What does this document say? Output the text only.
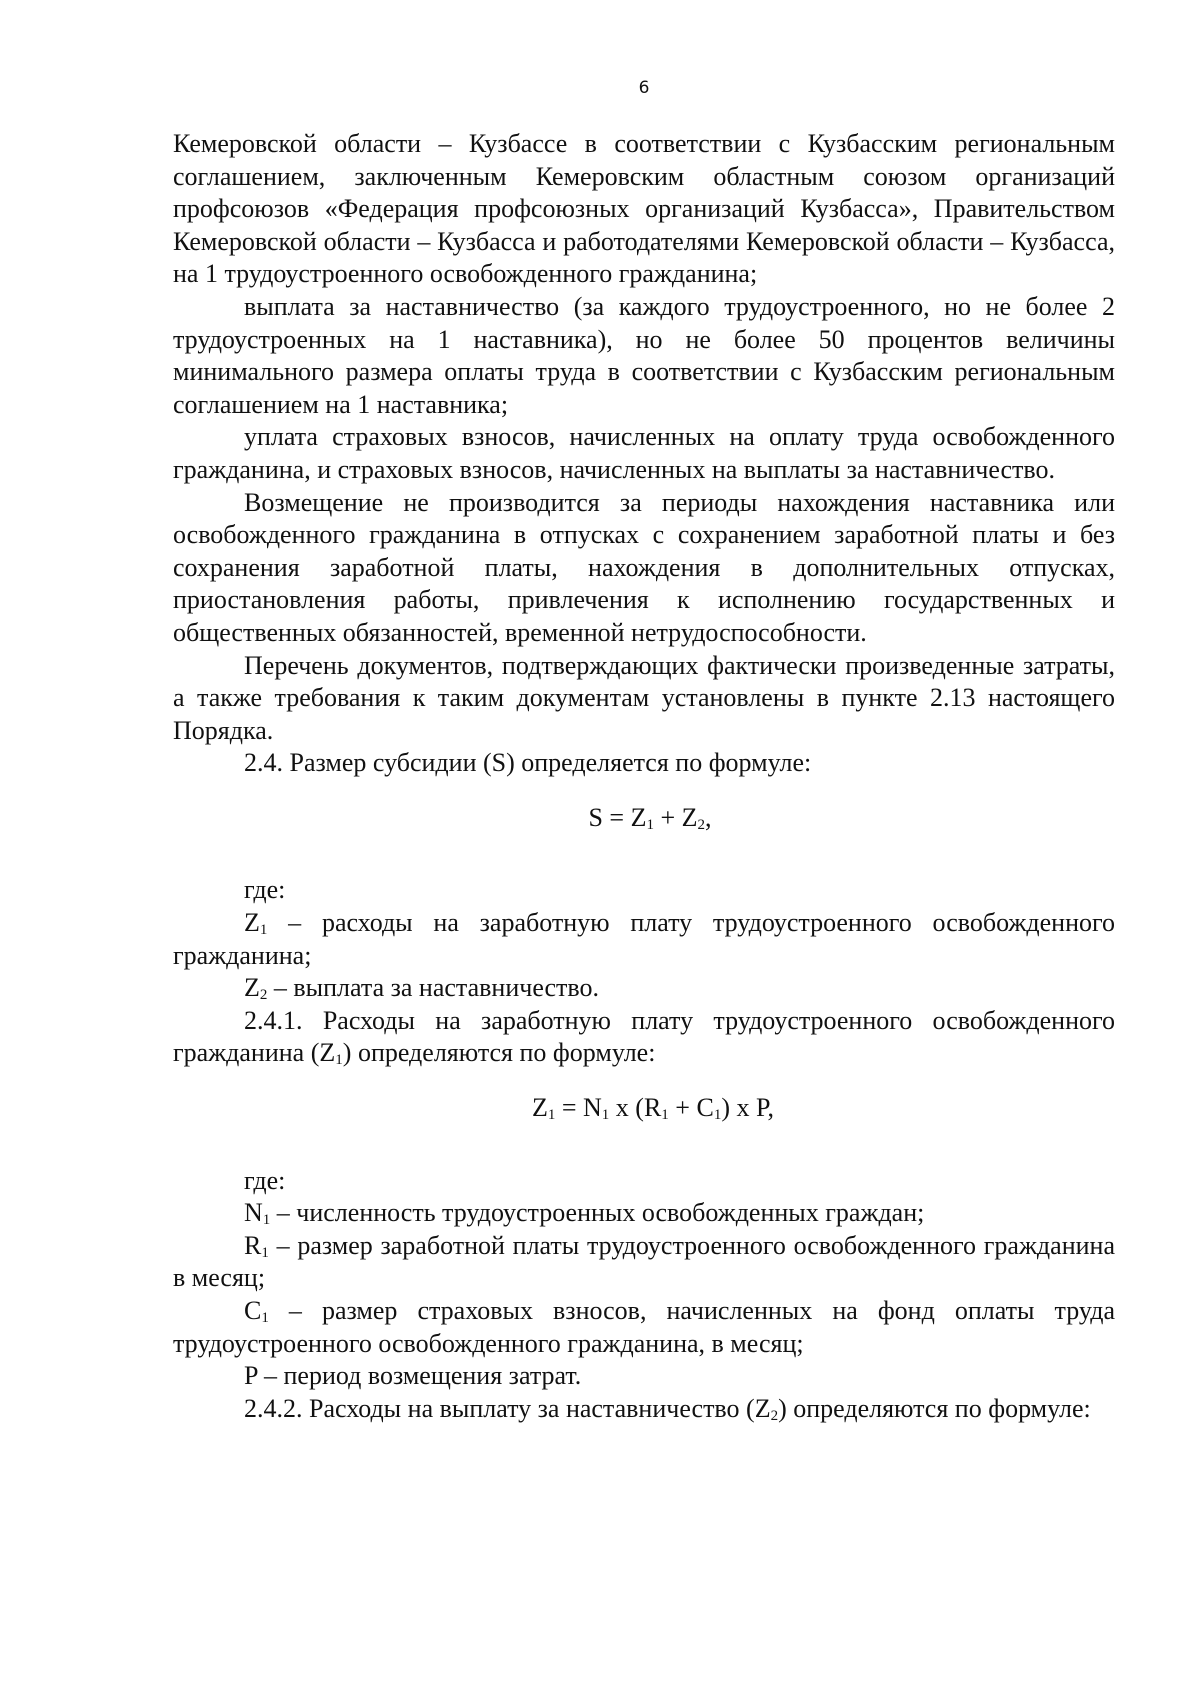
6

Кемеровской области – Кузбассе в соответствии с Кузбасским региональным соглашением, заключенным Кемеровским областным союзом организаций профсоюзов «Федерация профсоюзных организаций Кузбасса», Правительством Кемеровской области – Кузбасса и работодателями Кемеровской области – Кузбасса, на 1 трудоустроенного освобожденного гражданина;

выплата за наставничество (за каждого трудоустроенного, но не более 2 трудоустроенных на 1 наставника), но не более 50 процентов величины минимального размера оплаты труда в соответствии с Кузбасским региональным соглашением на 1 наставника;

уплата страховых взносов, начисленных на оплату труда освобожденного гражданина, и страховых взносов, начисленных на выплаты за наставничество.

Возмещение не производится за периоды нахождения наставника или освобожденного гражданина в отпусках с сохранением заработной платы и без сохранения заработной платы, нахождения в дополнительных отпусках, приостановления работы, привлечения к исполнению государственных и общественных обязанностей, временной нетрудоспособности.

Перечень документов, подтверждающих фактически произведенные затраты, а также требования к таким документам установлены в пункте 2.13 настоящего Порядка.

2.4. Размер субсидии (S) определяется по формуле:

$S = Z_1 + Z_2$,

где:

$Z_1$ – расходы на заработную плату трудоустроенного освобожденного гражданина;

$Z_2$ – выплата за наставничество.

2.4.1. Расходы на заработную плату трудоустроенного освобожденного гражданина $(Z_1)$ определяются по формуле:

$Z_1 = N_1$ x $(R_1 + C_1)$ x P,

где:

$N_1$ – численность трудоустроенных освобожденных граждан;

$R_1$ – размер заработной платы трудоустроенного освобожденного гражданина в месяц;

$C_1$ – размер страховых взносов, начисленных на фонд оплаты труда трудоустроенного освобожденного гражданина, в месяц;

P – период возмещения затрат.

2.4.2. Расходы на выплату за наставничество $(Z_2)$ определяются по формуле:
